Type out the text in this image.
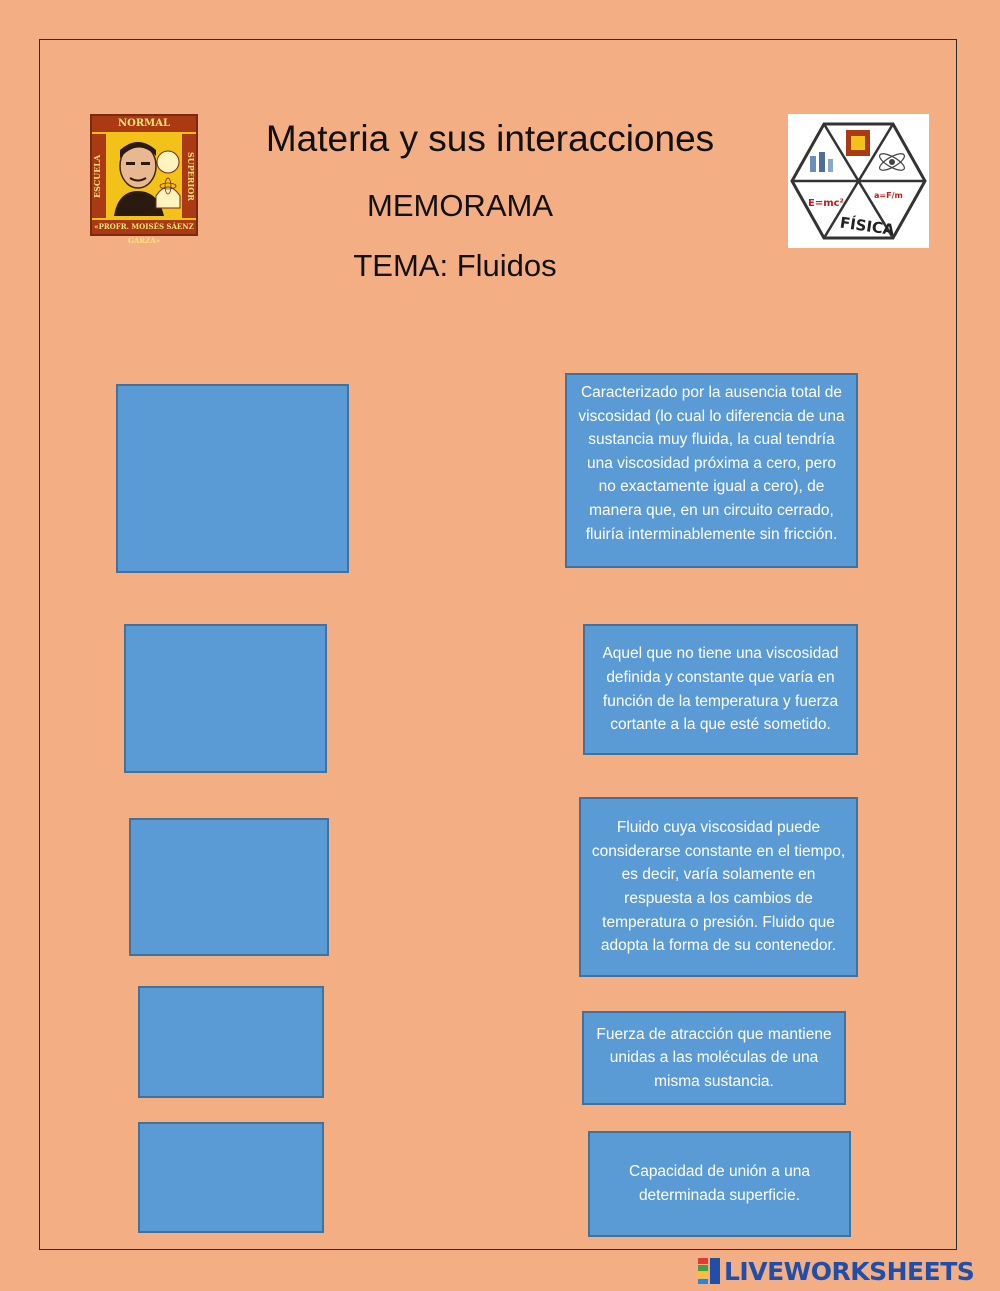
NORMAL
ESCUELA	SUPERIOR
«PROFR. MOISÉS SÁENZ GARZA»
Materia y sus interacciones
MEMORAMA
TEMA: Fluidos
E=mc²
a=F/m
FÍSICA
Caracterizado por la ausencia total de viscosidad (lo cual lo diferencia de una sustancia muy fluida, la cual tendría una viscosidad próxima a cero, pero no exactamente igual a cero), de manera que, en un circuito cerrado, fluiría interminablemente sin fricción.
Aquel que no tiene una viscosidad definida y constante que varía en función de la temperatura y fuerza cortante a la que esté sometido.
Fluido cuya viscosidad puede considerarse constante en el tiempo, es decir, varía solamente en respuesta a los cambios de temperatura o presión. Fluido que adopta la forma de su contenedor.
Fuerza de atracción que mantiene unidas a las moléculas de una misma sustancia.
Capacidad de unión a una determinada superficie.
LIVEWORKSHEETS
